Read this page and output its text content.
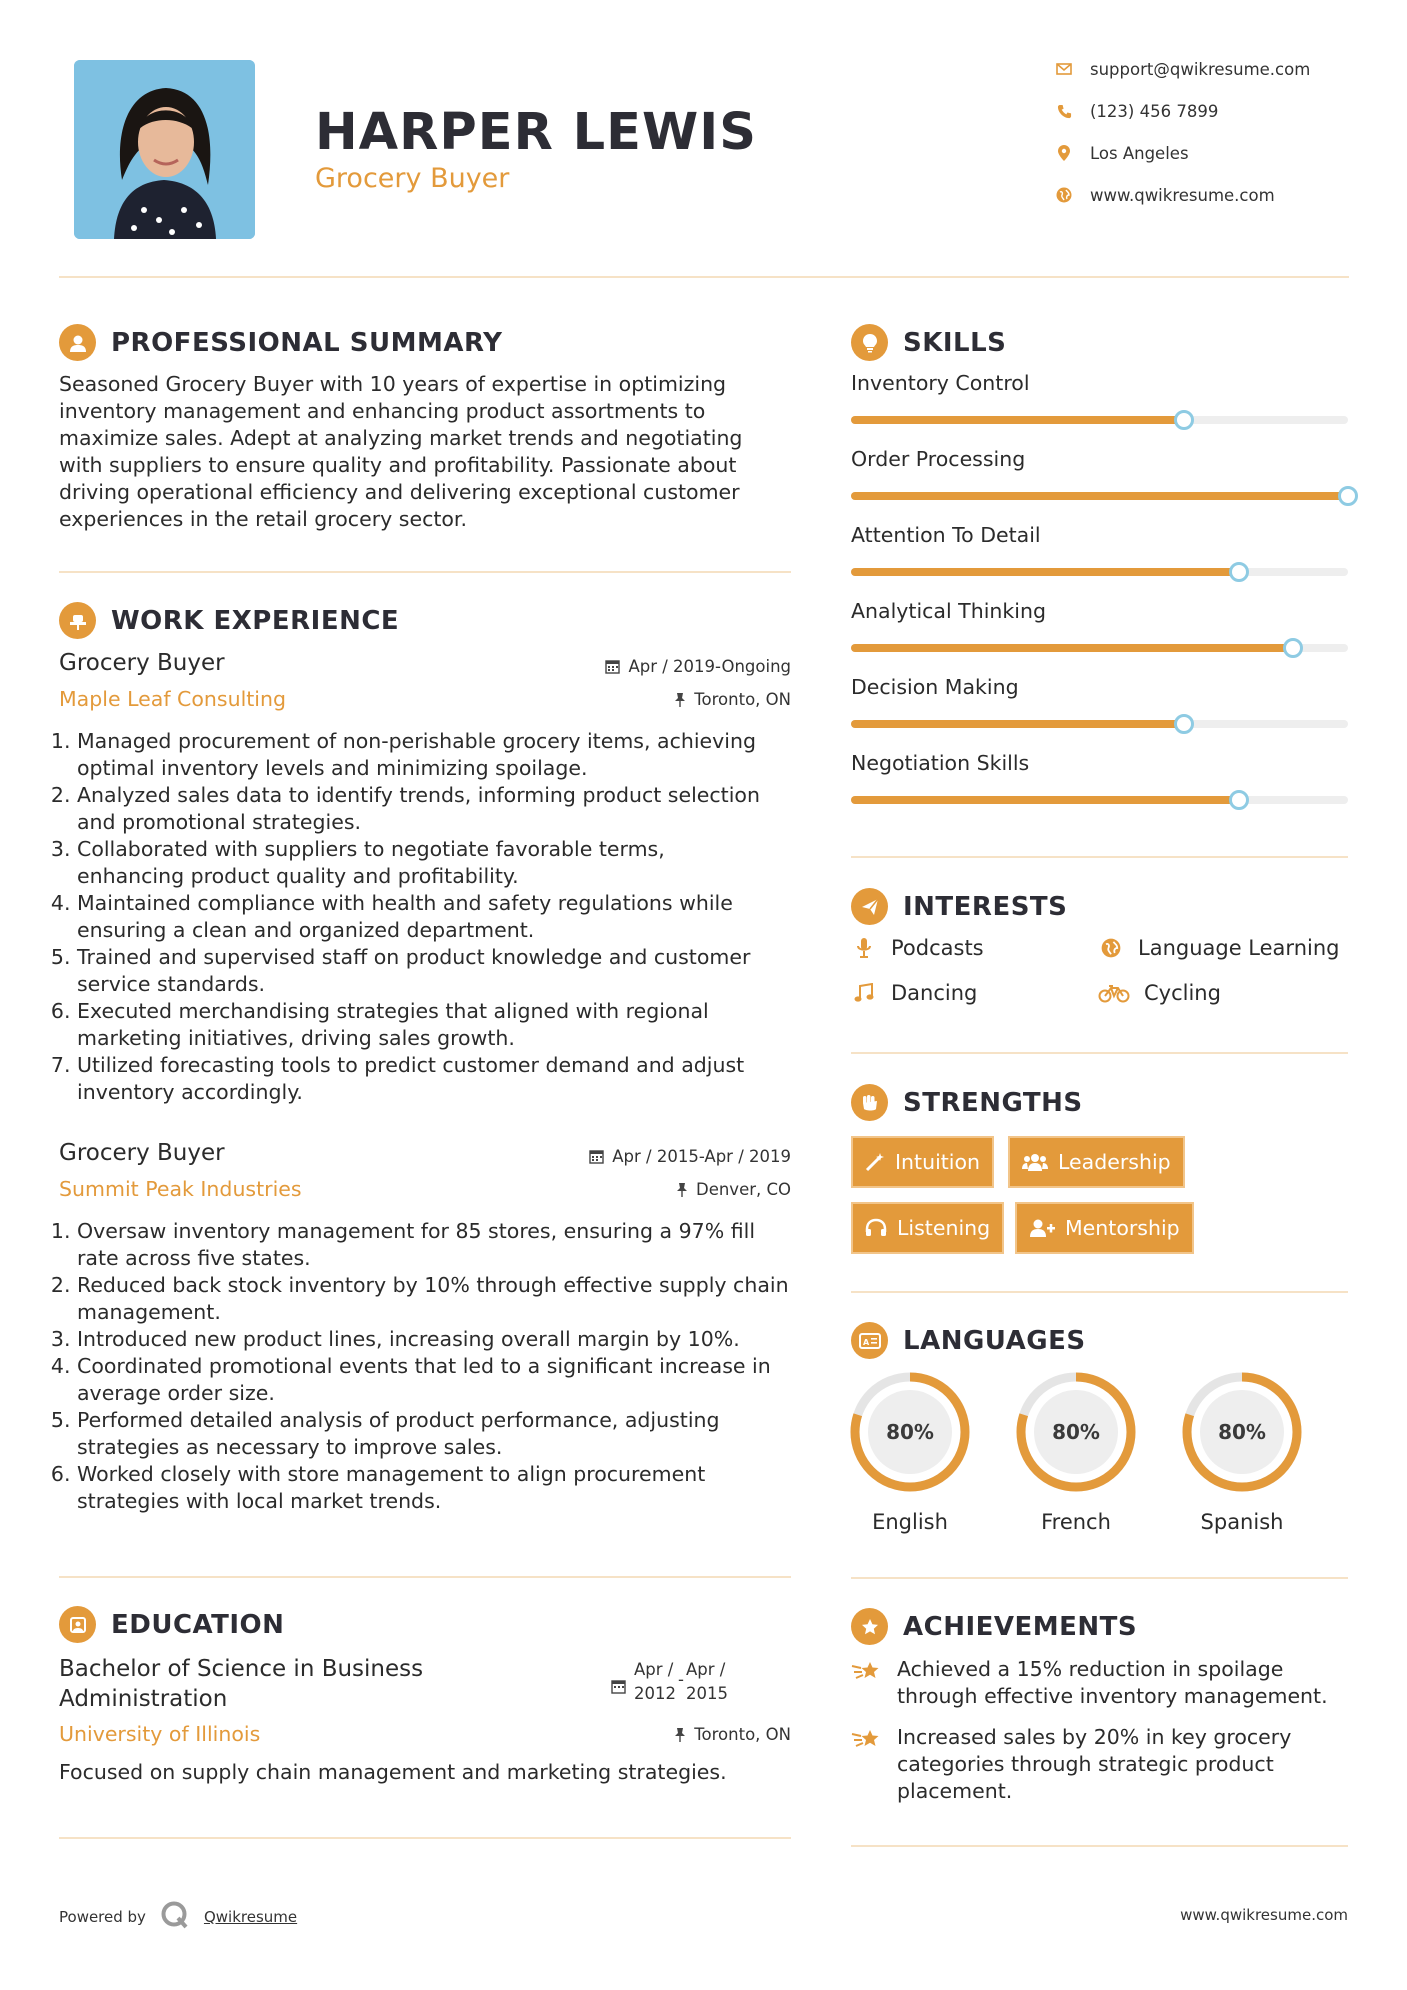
HARPER LEWIS
Grocery Buyer
support@qwikresume.com
(123) 456 7899
Los Angeles
www.qwikresume.com
PROFESSIONAL SUMMARY
Seasoned Grocery Buyer with 10 years of expertise in optimizing
inventory management and enhancing product assortments to
maximize sales. Adept at analyzing market trends and negotiating
with suppliers to ensure quality and profitability. Passionate about
driving operational efficiency and delivering exceptional customer
experiences in the retail grocery sector.
WORK EXPERIENCE
Grocery Buyer
Maple Leaf Consulting
Apr / 2019-Ongoing
Toronto, ON
1. Managed procurement of non-perishable grocery items, achieving
optimal inventory levels and minimizing spoilage.
2. Analyzed sales data to identify trends, informing product selection
and promotional strategies.
3. Collaborated with suppliers to negotiate favorable terms,
enhancing product quality and profitability.
4. Maintained compliance with health and safety regulations while
ensuring a clean and organized department.
5. Trained and supervised staff on product knowledge and customer
service standards.
6. Executed merchandising strategies that aligned with regional
marketing initiatives, driving sales growth.
7. Utilized forecasting tools to predict customer demand and adjust
inventory accordingly.
Grocery Buyer
Summit Peak Industries
Apr / 2015-Apr / 2019
Denver, CO
1. Oversaw inventory management for 85 stores, ensuring a 97% fill
rate across five states.
2. Reduced back stock inventory by 10% through effective supply chain
management.
3. Introduced new product lines, increasing overall margin by 10%.
4. Coordinated promotional events that led to a significant increase in
average order size.
5. Performed detailed analysis of product performance, adjusting
strategies as necessary to improve sales.
6. Worked closely with store management to align procurement
strategies with local market trends.
EDUCATION
Bachelor of Science in Business
Administration
Apr /
2012
-
Apr /
2015
University of Illinois	Toronto, ON
Focused on supply chain management and marketing strategies.
SKILLS
Inventory Control
Order Processing
Attention To Detail
Analytical Thinking
Decision Making
Negotiation Skills
INTERESTS
Podcasts	Language Learning
Dancing	Cycling
STRENGTHS
Intuition	Leadership
Listening	Mentorship
A LANGUAGES
80%
English
80%
French
80%
Spanish
ACHIEVEMENTS
Achieved a 15% reduction in spoilage
through effective inventory management.
Increased sales by 20% in key grocery
categories through strategic product
placement.
Powered by	Qwikresume	www.qwikresume.com
